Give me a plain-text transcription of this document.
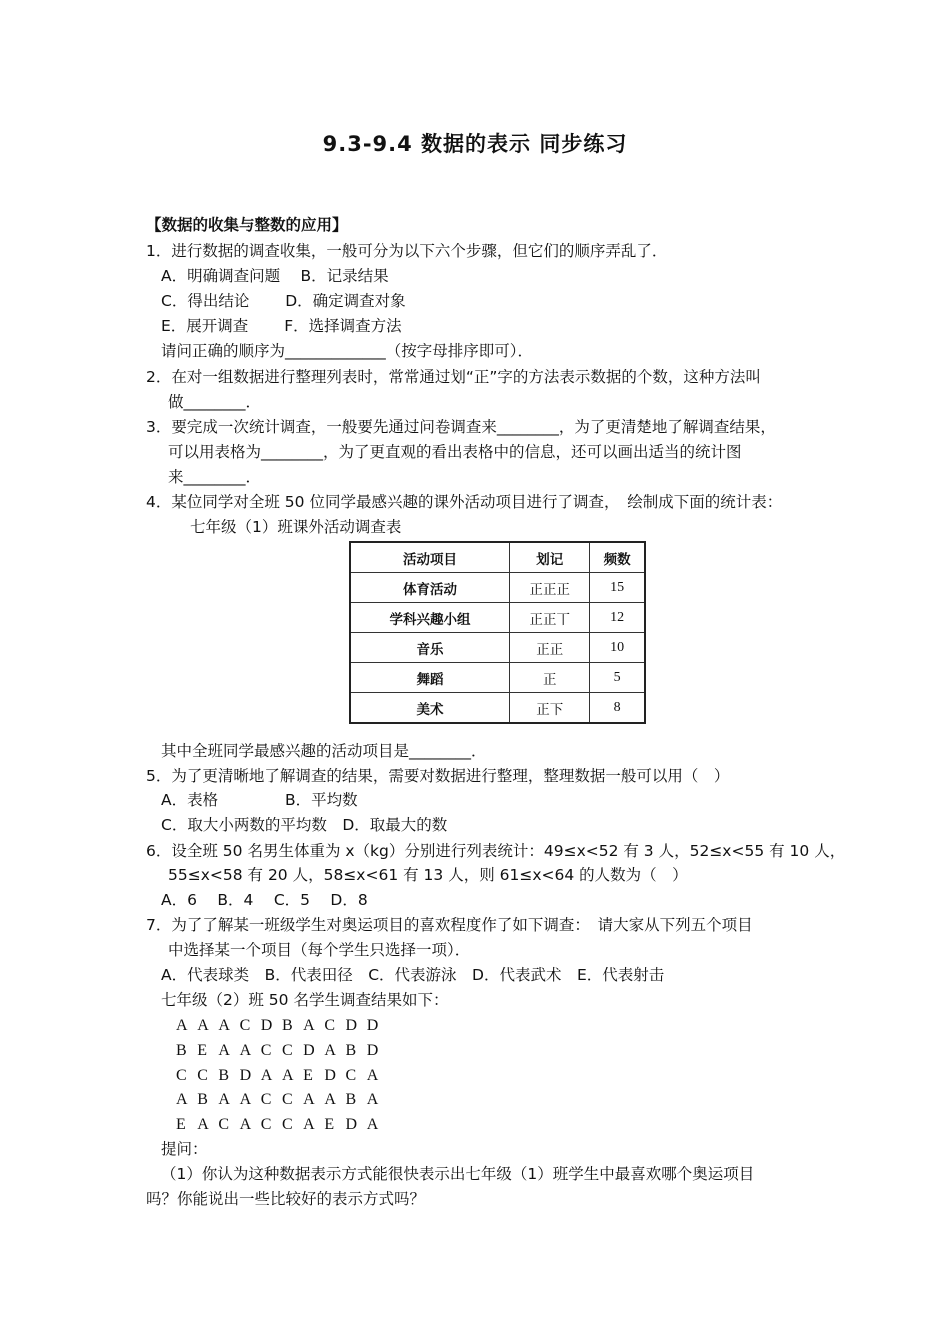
9.3-9.4 数据的表示 同步练习
【数据的收集与整数的应用】
1．进行数据的调查收集，一般可分为以下六个步骤，但它们的顺序弄乱了．
A．明确调查问题　 B．记录结果
C．得出结论　　 D．确定调查对象
E．展开调查　　 F．选择调查方法
请问正确的顺序为_____________（按字母排序即可）．
2．在对一组数据进行整理列表时，常常通过划“正”字的方法表示数据的个数，这种方法叫
做________．
3．要完成一次统计调查，一般要先通过问卷调查来________，为了更清楚地了解调查结果，
可以用表格为________，为了更直观的看出表格中的信息，还可以画出适当的统计图
来________．
4．某位同学对全班 50 位同学最感兴趣的课外活动项目进行了调查，　绘制成下面的统计表：
七年级（1）班课外活动调查表
活动项目	划记	频数
体育活动	正正正	15
学科兴趣小组	正正丅	12
音乐	正正	10
舞蹈	正	5
美术	正下	8
其中全班同学最感兴趣的活动项目是________．
5．为了更清晰地了解调查的结果，需要对数据进行整理，整理数据一般可以用（　）
A．表格　　　　 B．平均数
C．取大小两数的平均数　D．取最大的数
6．设全班 50 名男生体重为 x（kg）分别进行列表统计：49≤x<52 有 3 人，52≤x<55 有 10 人，
55≤x<58 有 20 人，58≤x<61 有 13 人，则 61≤x<64 的人数为（　）
A．6　 B．4　 C．5　 D．8
7．为了了解某一班级学生对奥运项目的喜欢程度作了如下调查：　请大家从下列五个项目
中选择某一个项目（每个学生只选择一项）．
A．代表球类　B．代表田径　C．代表游泳　D．代表武术　E．代表射击
七年级（2）班 50 名学生调查结果如下：
A A A C D B A C D D
B E A A C C D A B D
C C B D A A E D C A
A B A A C C A A B A
E A C A C C A E D A
提问：
（1）你认为这种数据表示方式能很快表示出七年级（1）班学生中最喜欢哪个奥运项目
吗？你能说出一些比较好的表示方式吗？
